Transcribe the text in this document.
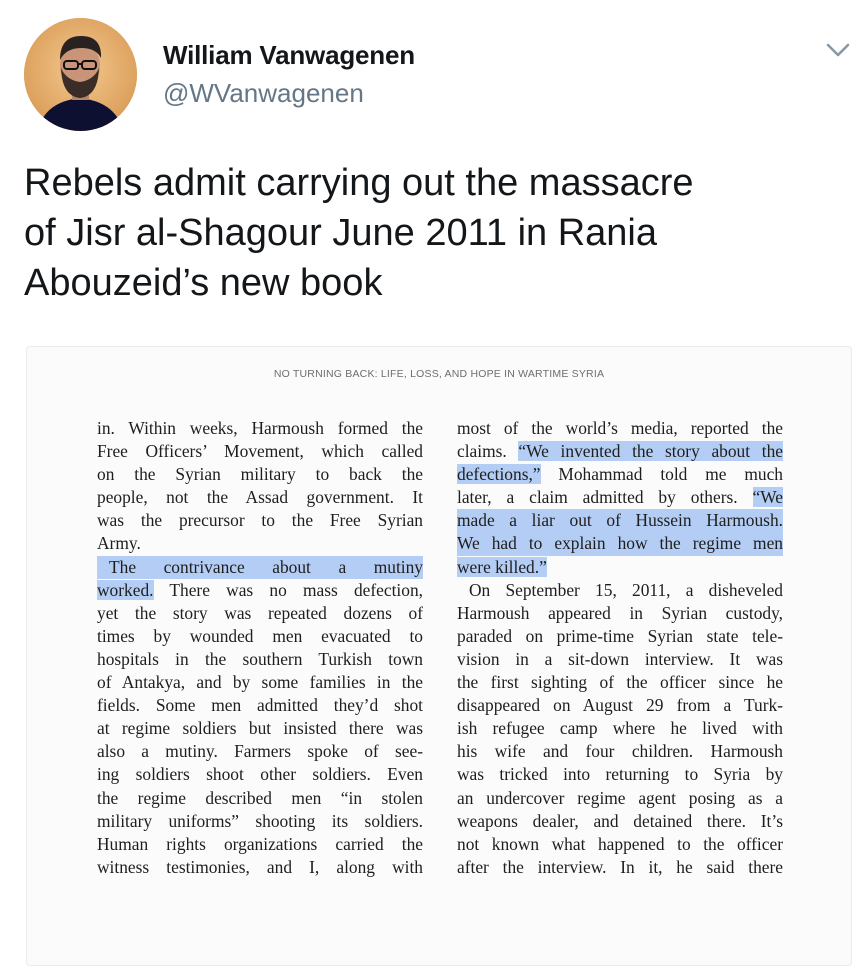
William Vanwagenen
@WVanwagenen

Rebels admit carrying out the massacre
of Jisr al-Shagour June 2011 in Rania
Abouzeid’s new book

NO TURNING BACK: LIFE, LOSS, AND HOPE IN WARTIME SYRIA
in. Within weeks, Harmoush formed the
Free Officers’ Movement, which called
on the Syrian military to back the
people, not the Assad government. It
was the precursor to the Free Syrian
Army.
The contrivance about a mutiny
worked. There was no mass defection,
yet the story was repeated dozens of
times by wounded men evacuated to
hospitals in the southern Turkish town
of Antakya, and by some families in the
fields. Some men admitted they’d shot
at regime soldiers but insisted there was
also a mutiny. Farmers spoke of see-
ing soldiers shoot other soldiers. Even
the regime described men “in stolen
military uniforms” shooting its soldiers.
Human rights organizations carried the
witness testimonies, and I, along with
most of the world’s media, reported the
claims. “We invented the story about the
defections,” Mohammad told me much
later, a claim admitted by others. “We
made a liar out of Hussein Harmoush.
We had to explain how the regime men
were killed.”
On September 15, 2011, a disheveled
Harmoush appeared in Syrian custody,
paraded on prime-time Syrian state tele-
vision in a sit-down interview. It was
the first sighting of the officer since he
disappeared on August 29 from a Turk-
ish refugee camp where he lived with
his wife and four children. Harmoush
was tricked into returning to Syria by
an undercover regime agent posing as a
weapons dealer, and detained there. It’s
not known what happened to the officer
after the interview. In it, he said there
